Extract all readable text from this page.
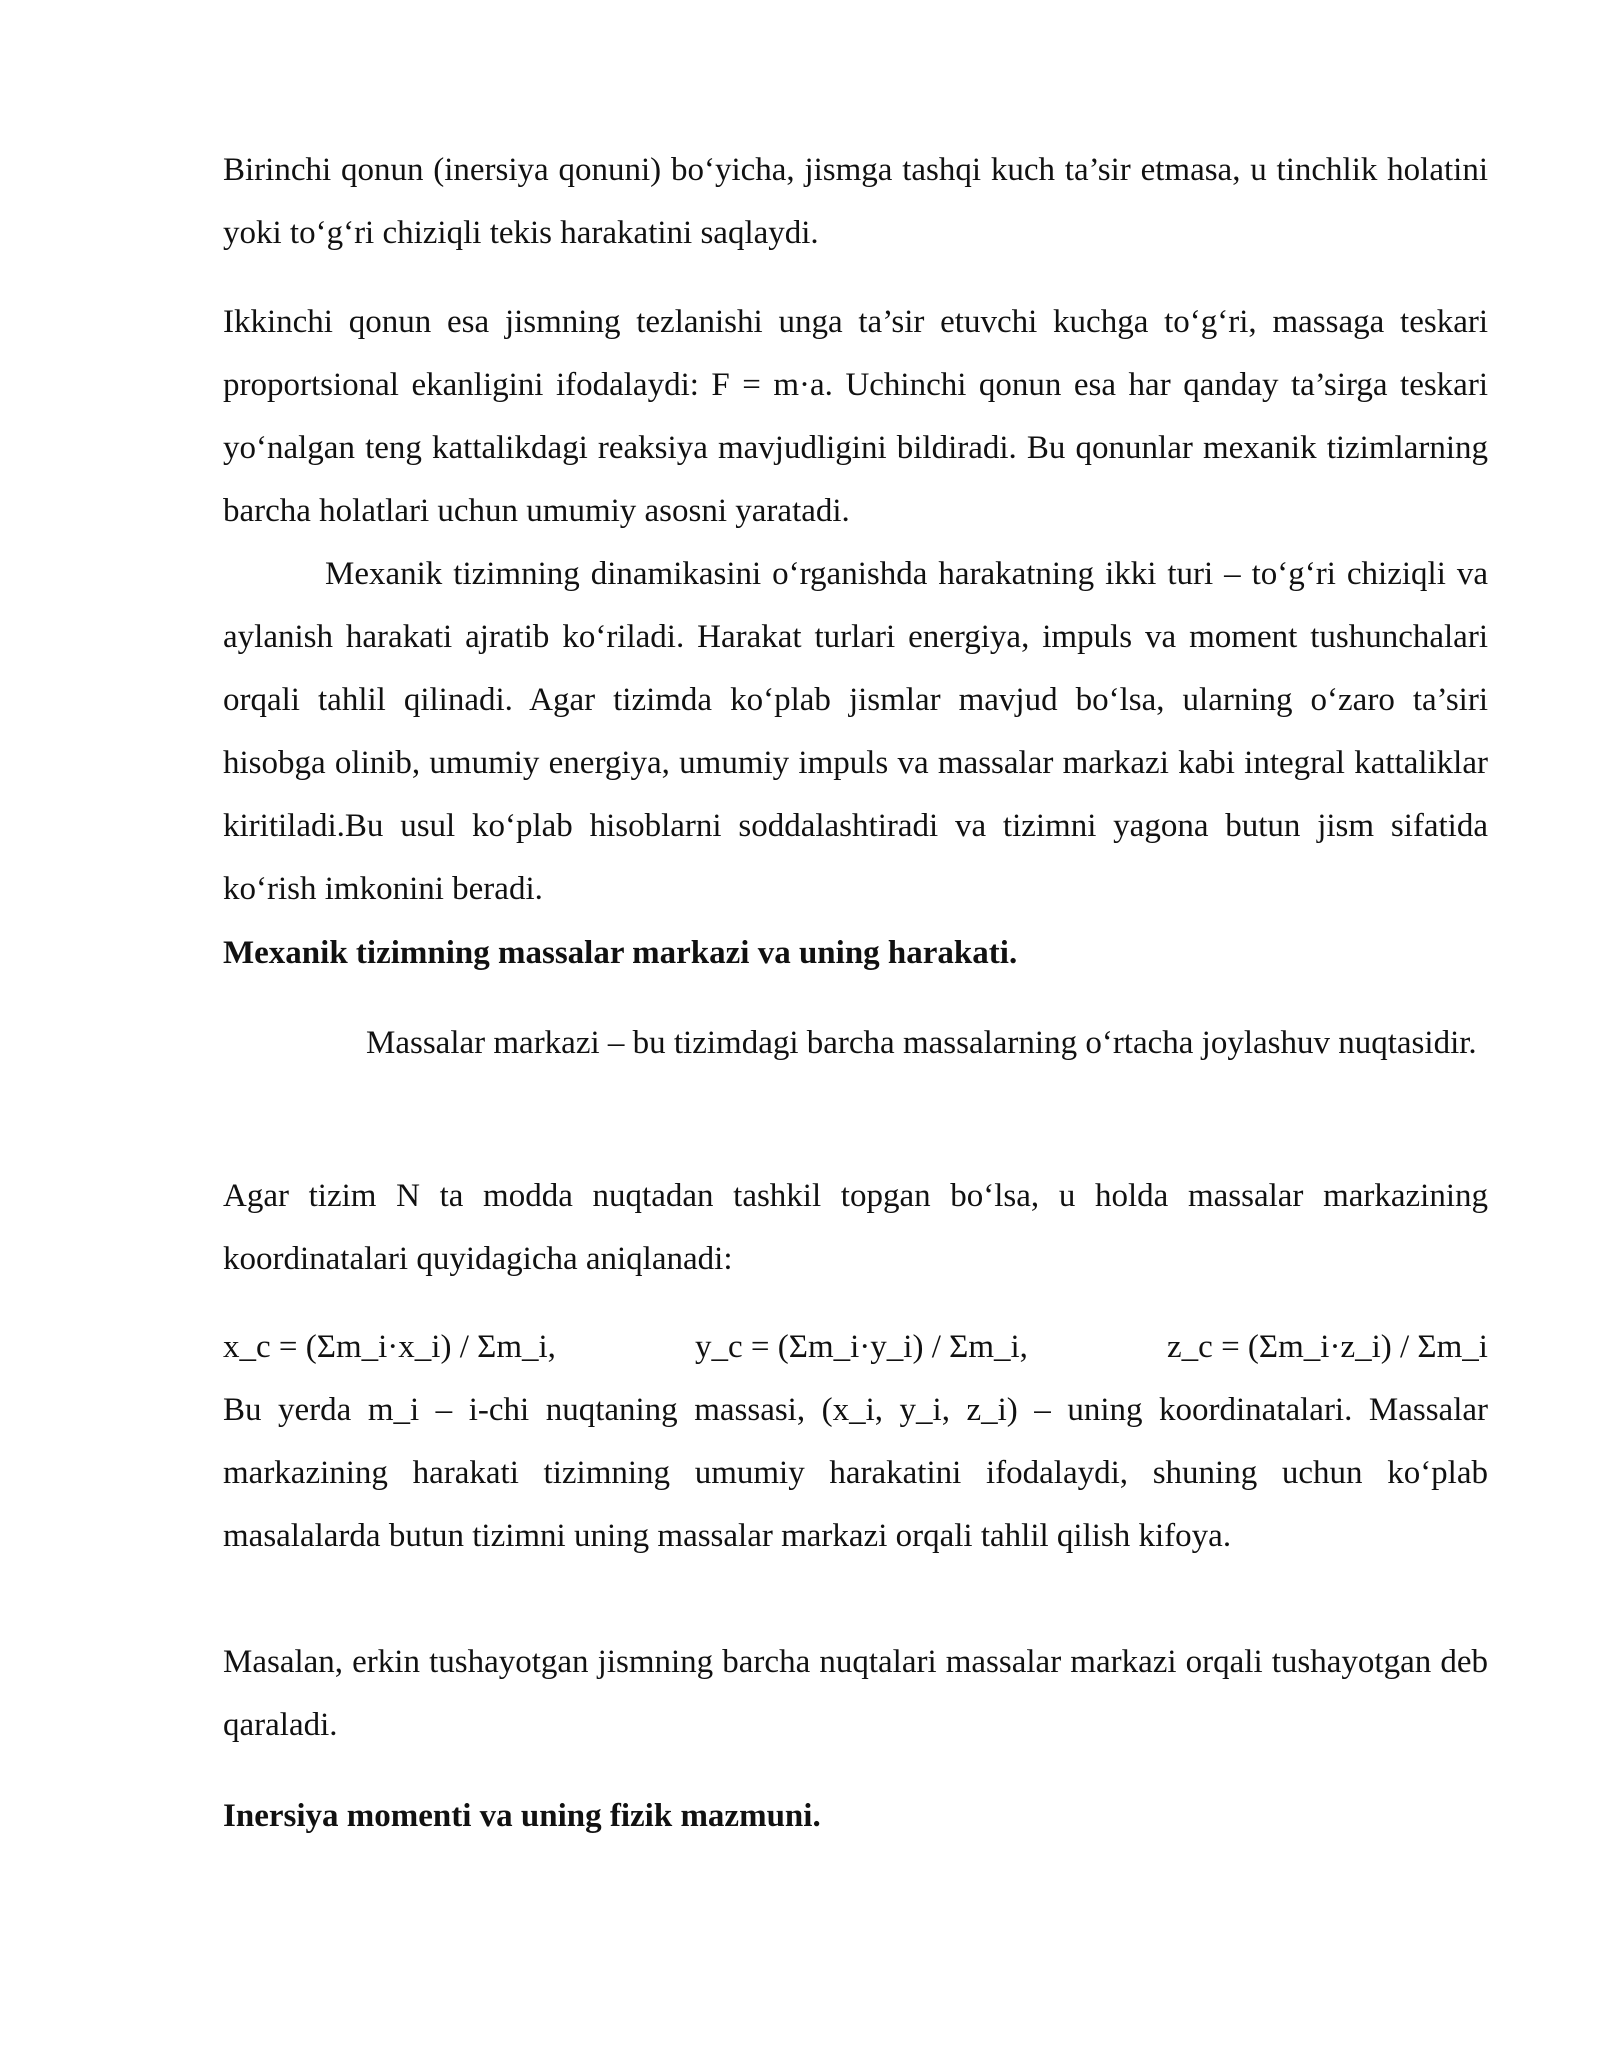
Birinchi qonun (inersiya qonuni) bo‘yicha, jismga tashqi kuch ta’sir etmasa, u tinchlik holatini yoki to‘g‘ri chiziqli tekis harakatini saqlaydi.

Ikkinchi qonun esa jismning tezlanishi unga ta’sir etuvchi kuchga to‘g‘ri, massaga teskari proportsional ekanligini ifodalaydi: F = m·a. Uchinchi qonun esa har qanday ta’sirga teskari yo‘nalgan teng kattalikdagi reaksiya mavjudligini bildiradi. Bu qonunlar mexanik tizimlarning barcha holatlari uchun umumiy asosni yaratadi.

Mexanik tizimning dinamikasini o‘rganishda harakatning ikki turi – to‘g‘ri chiziqli va aylanish harakati ajratib ko‘riladi. Harakat turlari energiya, impuls va moment tushunchalari orqali tahlil qilinadi. Agar tizimda ko‘plab jismlar mavjud bo‘lsa, ularning o‘zaro ta’siri hisobga olinib, umumiy energiya, umumiy impuls va massalar markazi kabi integral kattaliklar kiritiladi.Bu usul ko‘plab hisoblarni soddalashtiradi va tizimni yagona butun jism sifatida ko‘rish imkonini beradi.

Mexanik tizimning massalar markazi va uning harakati.

Massalar markazi – bu tizimdagi barcha massalarning o‘rtacha joylashuv nuqtasidir.

Agar tizim N ta modda nuqtadan tashkil topgan bo‘lsa, u holda massalar markazining koordinatalari quyidagicha aniqlanadi:

x_c = (Σm_i·x_i) / Σm_i,	y_c = (Σm_i·y_i) / Σm_i,	z_c = (Σm_i·z_i) / Σm_i

Bu yerda m_i – i-chi nuqtaning massasi, (x_i, y_i, z_i) – uning koordinatalari. Massalar markazining harakati tizimning umumiy harakatini ifodalaydi, shuning uchun ko‘plab masalalarda butun tizimni uning massalar markazi orqali tahlil qilish kifoya.

Masalan, erkin tushayotgan jismning barcha nuqtalari massalar markazi orqali tushayotgan deb qaraladi.

Inersiya momenti va uning fizik mazmuni.
